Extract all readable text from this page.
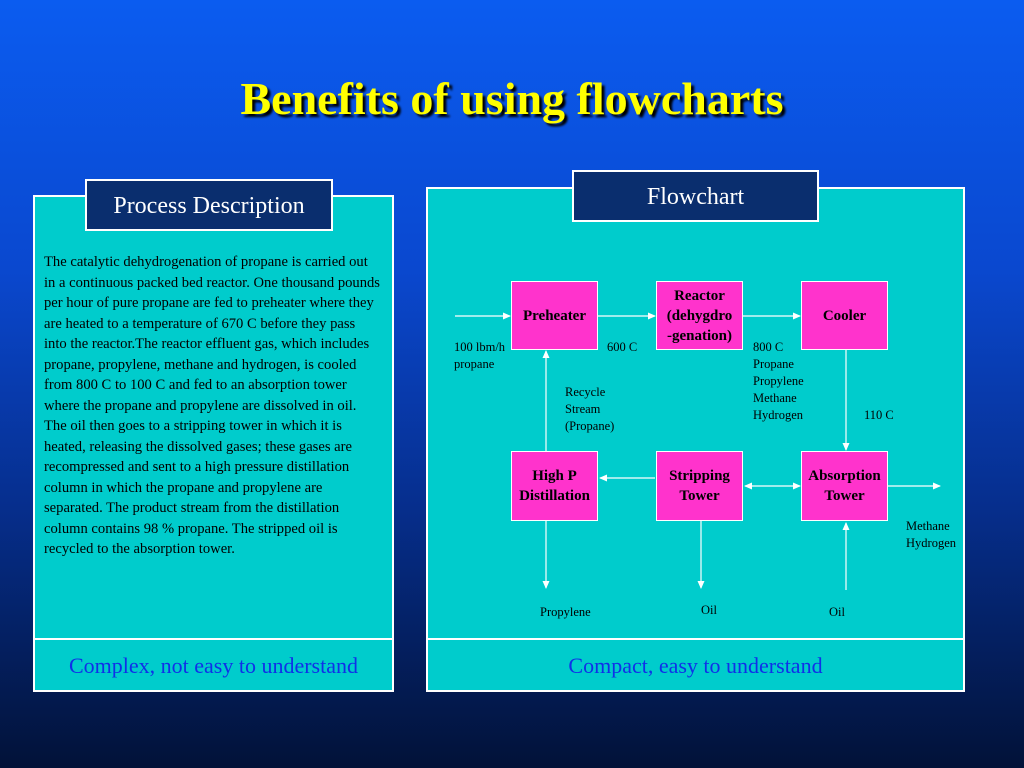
Benefits of using flowcharts
Process Description
The catalytic dehydrogenation of propane is carried out in a continuous packed bed reactor. One thousand pounds per hour of pure propane are fed to preheater where they are heated to a temperature of 670 C before they pass into the reactor.The reactor effluent gas, which includes propane, propylene, methane and hydrogen, is cooled from 800 C to 100 C and fed to an absorption tower where the propane and propylene are dissolved in oil. The oil then goes to a stripping tower in which it is heated, releasing the dissolved gases; these gases are recompressed and sent to a high pressure distillation column in which the propane and propylene are separated. The product stream from the distillation column contains 98 % propane. The stripped oil is recycled to the absorption tower.
Complex, not easy to understand
Flowchart
Compact, easy to understand
Preheater
Reactor
(dehygdro
-genation)
Cooler
High P
Distillation
Stripping
Tower
Absorption
Tower
100 lbm/h
propane
600 C	800 C
Propane
Propylene
Methane
Hydrogen	110 C
Recycle
Stream
(Propane)
Methane
Hydrogen
Propylene	Oil	Oil
